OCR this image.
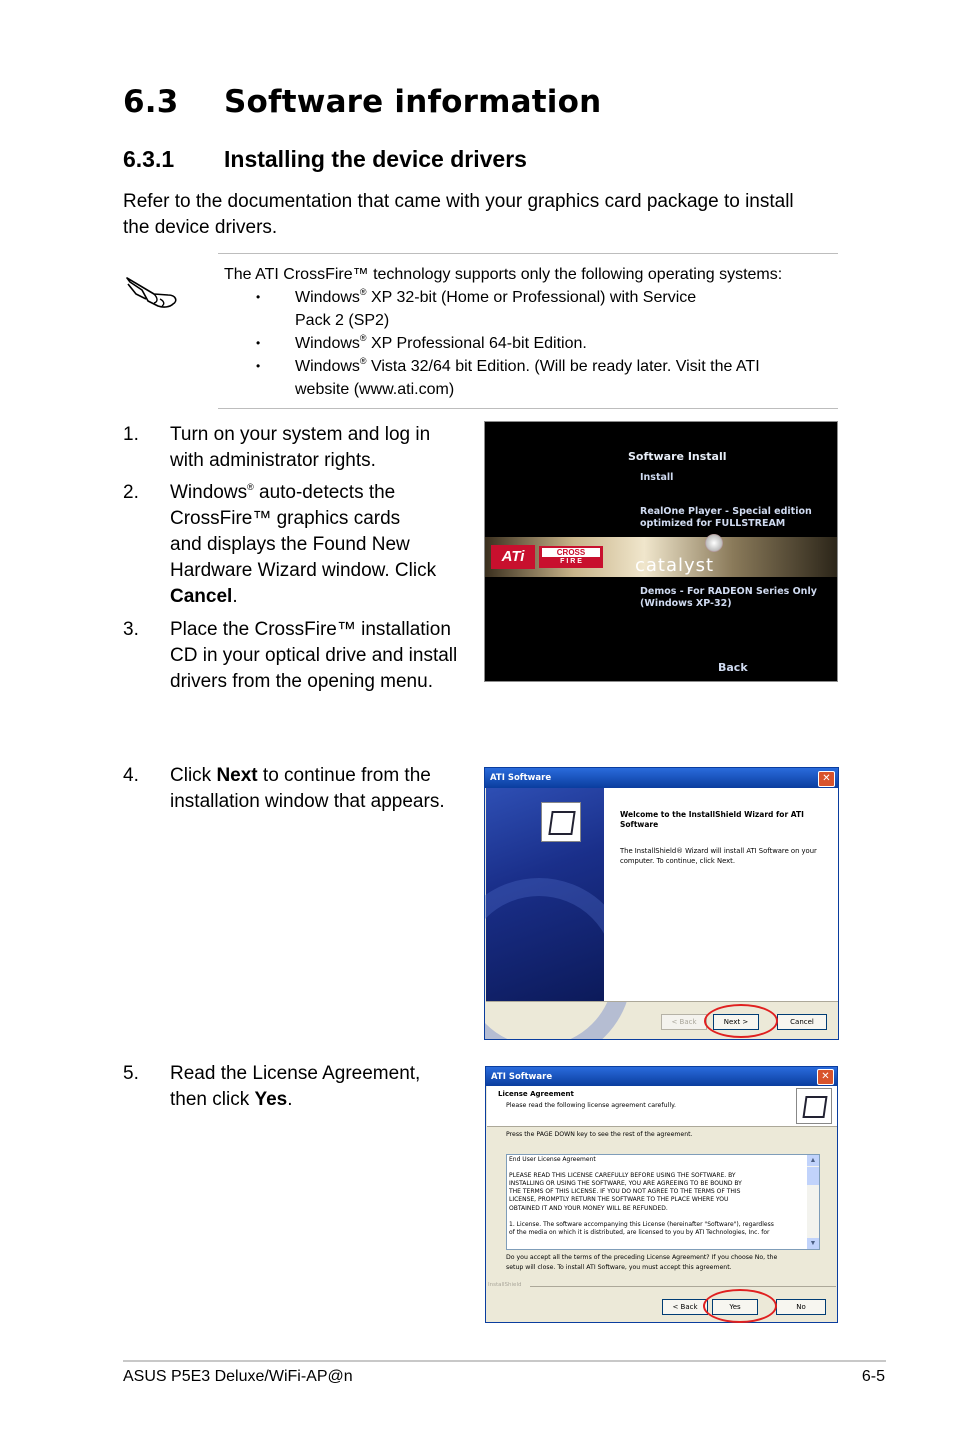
6.3 Software information
6.3.1 Installing the device drivers
Refer to the documentation that came with your graphics card package to install
the device drivers.
The ATI CrossFire™ technology supports only the following operating systems:
• Windows® XP 32-bit (Home or Professional) with Service
Pack 2 (SP2)
• Windows® XP Professional 64-bit Edition.
• Windows® Vista 32/64 bit Edition. (Will be ready later. Visit the ATI
website (www.ati.com)
1. Turn on your system and log in
with administrator rights.
2. Windows® auto-detects the
CrossFire™ graphics cards
and displays the Found New
Hardware Wizard window. Click
Cancel.
3. Place the CrossFire™ installation
CD in your optical drive and install
drivers from the opening menu.
4. Click Next to continue from the
installation window that appears.
5. Read the License Agreement,
then click Yes.
ATi	CROSS
F I R E	catalyst
Software Install
Install
RealOne Player - Special edition
optimized for FULLSTREAM
Demos - For RADEON Series Only
(Windows XP-32)
Back
ATI Software	✕
Welcome to the InstallShield Wizard for ATI
Software
The InstallShield® Wizard will install ATI Software on your
computer. To continue, click Next.
< Back	Next >	Cancel
ATI Software	✕
License Agreement
Please read the following license agreement carefully.
Press the PAGE DOWN key to see the rest of the agreement.
End User License Agreement
PLEASE READ THIS LICENSE CAREFULLY BEFORE USING THE SOFTWARE. BY
INSTALLING OR USING THE SOFTWARE, YOU ARE AGREEING TO BE BOUND BY
THE TERMS OF THIS LICENSE. IF YOU DO NOT AGREE TO THE TERMS OF THIS
LICENSE, PROMPTLY RETURN THE SOFTWARE TO THE PLACE WHERE YOU
OBTAINED IT AND YOUR MONEY WILL BE REFUNDED.
1. License. The software accompanying this License (hereinafter "Software"), regardless
of the media on which it is distributed, are licensed to you by ATI Technologies, Inc. for
▲
▼
Do you accept all the terms of the preceding License Agreement? If you choose No, the
setup will close. To install ATI Software, you must accept this agreement.
InstallShield
< Back	Yes	No
ASUS P5E3 Deluxe/WiFi-AP@n	6-5
